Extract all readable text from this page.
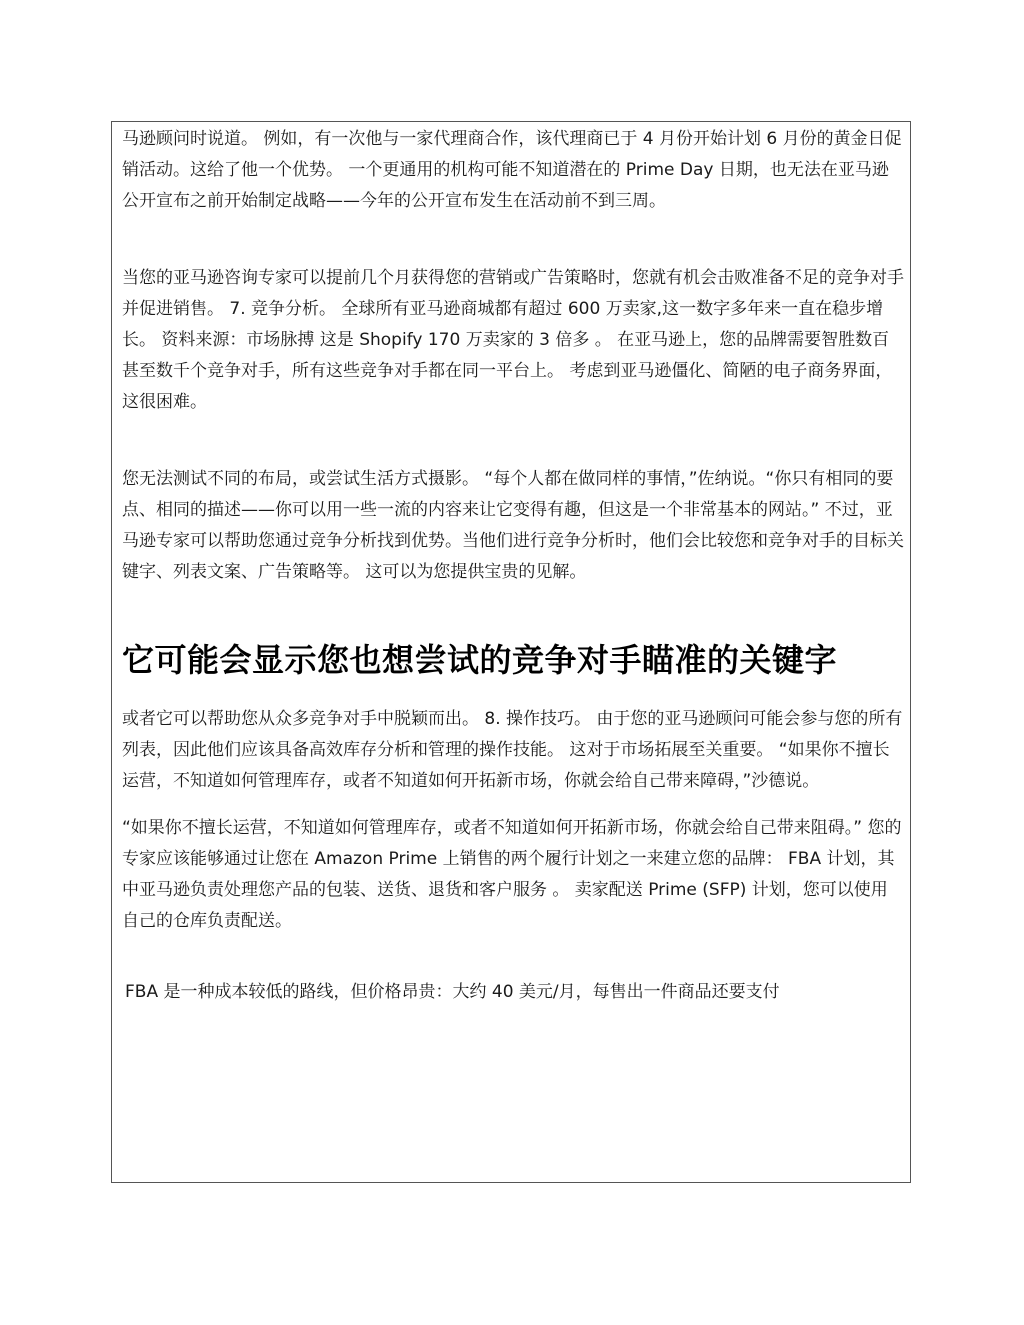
马逊顾问时说道。 例如，有一次他与一家代理商合作，该代理商已于 4 月份开始计划 6 月份的黄金日促销活动。这给了他一个优势。 一个更通用的机构可能不知道潜在的 Prime Day 日期，也无法在亚马逊公开宣布之前开始制定战略——今年的公开宣布发生在活动前不到三周。

当您的亚马逊咨询专家可以提前几个月获得您的营销或广告策略时，您就有机会击败准备不足的竞争对手并促进销售。 7. 竞争分析。 全球所有亚马逊商城都有超过 600 万卖家,这一数字多年来一直在稳步增长。 资料来源：市场脉搏 这是 Shopify 170 万卖家的 3 倍多 。 在亚马逊上，您的品牌需要智胜数百甚至数千个竞争对手，所有这些竞争对手都在同一平台上。 考虑到亚马逊僵化、简陋的电子商务界面，这很困难。

您无法测试不同的布局，或尝试生活方式摄影。 “每个人都在做同样的事情，”佐纳说。“你只有相同的要点、相同的描述——你可以用一些一流的内容来让它变得有趣，但这是一个非常基本的网站。” 不过，亚马逊专家可以帮助您通过竞争分析找到优势。当他们进行竞争分析时，他们会比较您和竞争对手的目标关键字、列表文案、广告策略等。 这可以为您提供宝贵的见解。

它可能会显示您也想尝试的竞争对手瞄准的关键字

或者它可以帮助您从众多竞争对手中脱颖而出。 8. 操作技巧。 由于您的亚马逊顾问可能会参与您的所有列表，因此他们应该具备高效库存分析和管理的操作技能。 这对于市场拓展至关重要。 “如果你不擅长运营，不知道如何管理库存，或者不知道如何开拓新市场，你就会给自己带来障碍，”沙德说。

“如果你不擅长运营，不知道如何管理库存，或者不知道如何开拓新市场，你就会给自己带来阻碍。” 您的专家应该能够通过让您在 Amazon Prime 上销售的两个履行计划之一来建立您的品牌： FBA 计划，其中亚马逊负责处理您产品的包装、送货、退货和客户服务 。 卖家配送 Prime (SFP) 计划，您可以使用自己的仓库负责配送。

FBA 是一种成本较低的路线，但价格昂贵：大约 40 美元/月，每售出一件商品还要支付
